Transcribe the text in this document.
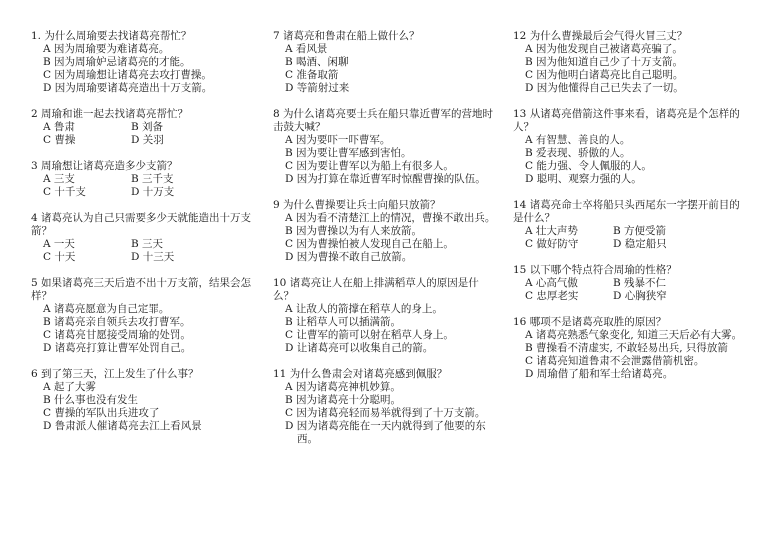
1. 为什么周瑜要去找诸葛亮帮忙？
A 因为周瑜要为难诸葛亮。
B 因为周瑜妒忌诸葛亮的才能。
C 因为周瑜想让诸葛亮去攻打曹操。
D 因为周瑜要诸葛亮造出十万支箭。
2 周瑜和谁一起去找诸葛亮帮忙？
A 鲁肃	B 刘备
C 曹操	D 关羽
3 周瑜想让诸葛亮造多少支箭？
A 三支	B 三千支
C 十千支	D 十万支
4 诸葛亮认为自己只需要多少天就能造出十万支箭？
A 一天	B 三天
C 十天	D 十三天
5 如果诸葛亮三天后造不出十万支箭，结果会怎样？
A 诸葛亮愿意为自己定罪。
B 诸葛亮亲自领兵去攻打曹军。
C 诸葛亮甘愿接受周瑜的处罚。
D 诸葛亮打算让曹军处罚自己。
6 到了第三天，江上发生了什么事？
A 起了大雾
B 什么事也没有发生
C 曹操的军队出兵进攻了
D 鲁肃派人催诸葛亮去江上看风景
7 诸葛亮和鲁肃在船上做什么？
A 看风景
B 喝酒、闲聊
C 准备取箭
D 等箭射过来
8 为什么诸葛亮要士兵在船只靠近曹军的营地时击鼓大喊？
A 因为要吓一吓曹军。
B 因为要让曹军感到害怕。
C 因为要让曹军以为船上有很多人。
D 因为打算在靠近曹军时惊醒曹操的队伍。
9 为什么曹操要让兵士向船只放箭？
A 因为看不清楚江上的情况，曹操不敢出兵。
B 因为曹操以为有人来放箭。
C 因为曹操怕被人发现自己在船上。
D 因为曹操不敢自己放箭。
10 诸葛亮让人在船上排满稻草人的原因是什么？
A 让敌人的箭撑在稻草人的身上。
B 让稻草人可以插满箭。
C 让曹军的箭可以射在稻草人身上。
D 让诸葛亮可以收集自己的箭。
11 为什么鲁肃会对诸葛亮感到佩服？
A 因为诸葛亮神机妙算。
B 因为诸葛亮十分聪明。
C 因为诸葛亮轻而易举就得到了十万支箭。
D 因为诸葛亮能在一天内就得到了他要的东西。
12 为什么曹操最后会气得火冒三丈？
A 因为他发现自己被诸葛亮骗了。
B 因为他知道自己少了十万支箭。
C 因为他明白诸葛亮比自己聪明。
D 因为他懂得自己已失去了一切。
13 从诸葛亮借箭这件事来看，诸葛亮是个怎样的人？
A 有智慧、善良的人。
B 爱表现、骄傲的人。
C 能力强、令人佩服的人。
D 聪明、观察力强的人。
14 诸葛亮命士卒将船只头西尾东一字摆开前目的是什么？
A 壮大声势	B 方便受箭
C 做好防守	D 稳定船只
15 以下哪个特点符合周瑜的性格？
A 心高气傲	B 残暴不仁
C 忠厚老实	D 心胸狭窄
16 哪项不是诸葛亮取胜的原因？
A 诸葛亮熟悉气象变化, 知道三天后必有大雾。
B 曹操看不清虚实, 不敢轻易出兵, 只得放箭
C 诸葛亮知道鲁肃不会泄露借箭机密。
D 周瑜借了船和军士给诸葛亮。
